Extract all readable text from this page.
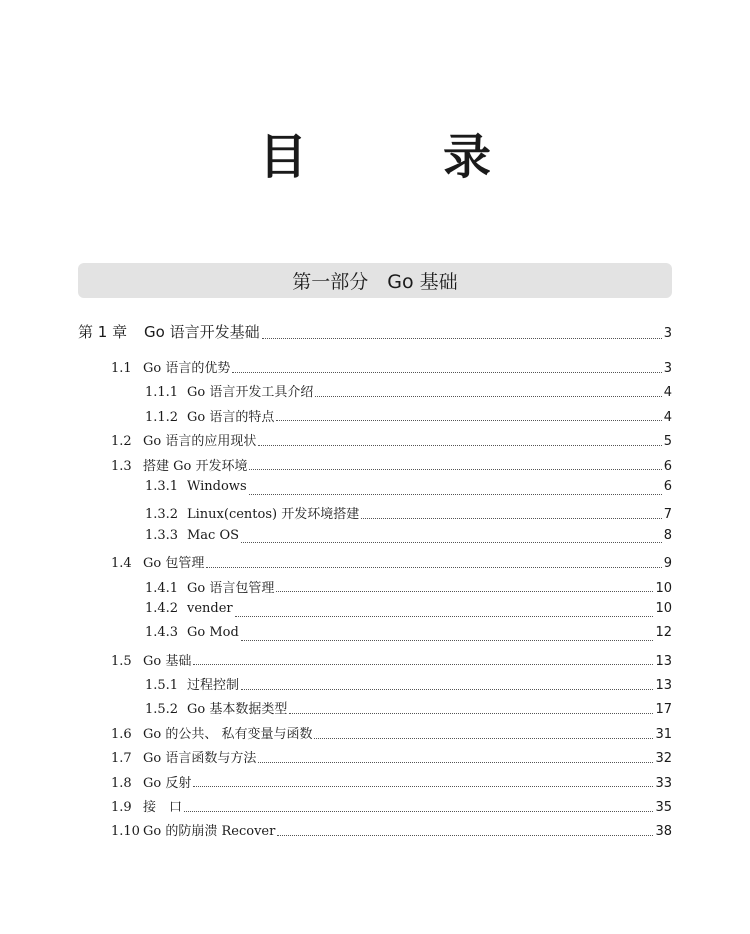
目　录
第一部分　Go 基础
第 1 章	Go 语言开发基础	3
1.1 Go 语言的优势	3
1.1.1 Go 语言开发工具介绍	4
1.1.2 Go 语言的特点	4
1.2 Go 语言的应用现状	5
1.3 搭建 Go 开发环境	6
1.3.1 Windows	6
1.3.2 Linux(centos) 开发环境搭建	7
1.3.3 Mac OS	8
1.4 Go 包管理	9
1.4.1 Go 语言包管理	10
1.4.2 vender	10
1.4.3 Go Mod	12
1.5 Go 基础	13
1.5.1 过程控制	13
1.5.2 Go 基本数据类型	17
1.6 Go 的公共、 私有变量与函数	31
1.7 Go 语言函数与方法	32
1.8 Go 反射	33
1.9 接　口	35
1.10 Go 的防崩溃 Recover	38
